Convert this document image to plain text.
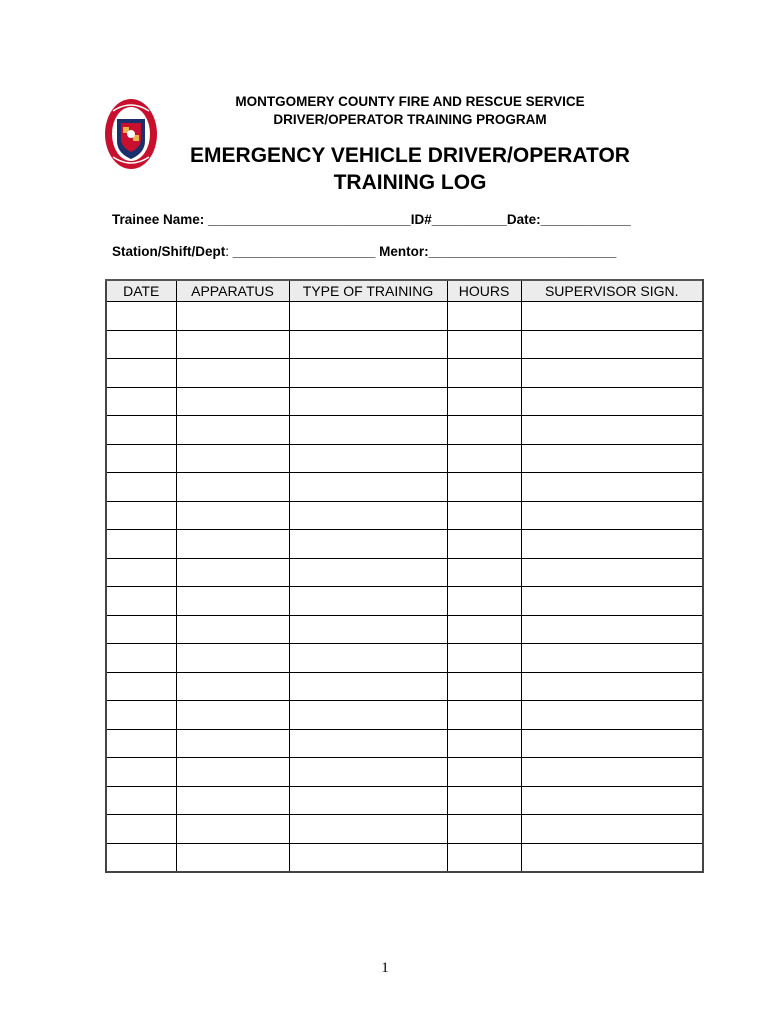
MONTGOMERY COUNTY FIRE AND RESCUE SERVICE
DRIVER/OPERATOR TRAINING PROGRAM
EMERGENCY VEHICLE DRIVER/OPERATOR
TRAINING LOG
Trainee Name: ___________________________ID#__________Date:____________
Station/Shift/Dept: ___________________ Mentor:_________________________
DATE	APPARATUS	TYPE OF TRAINING	HOURS	SUPERVISOR SIGN.

1
